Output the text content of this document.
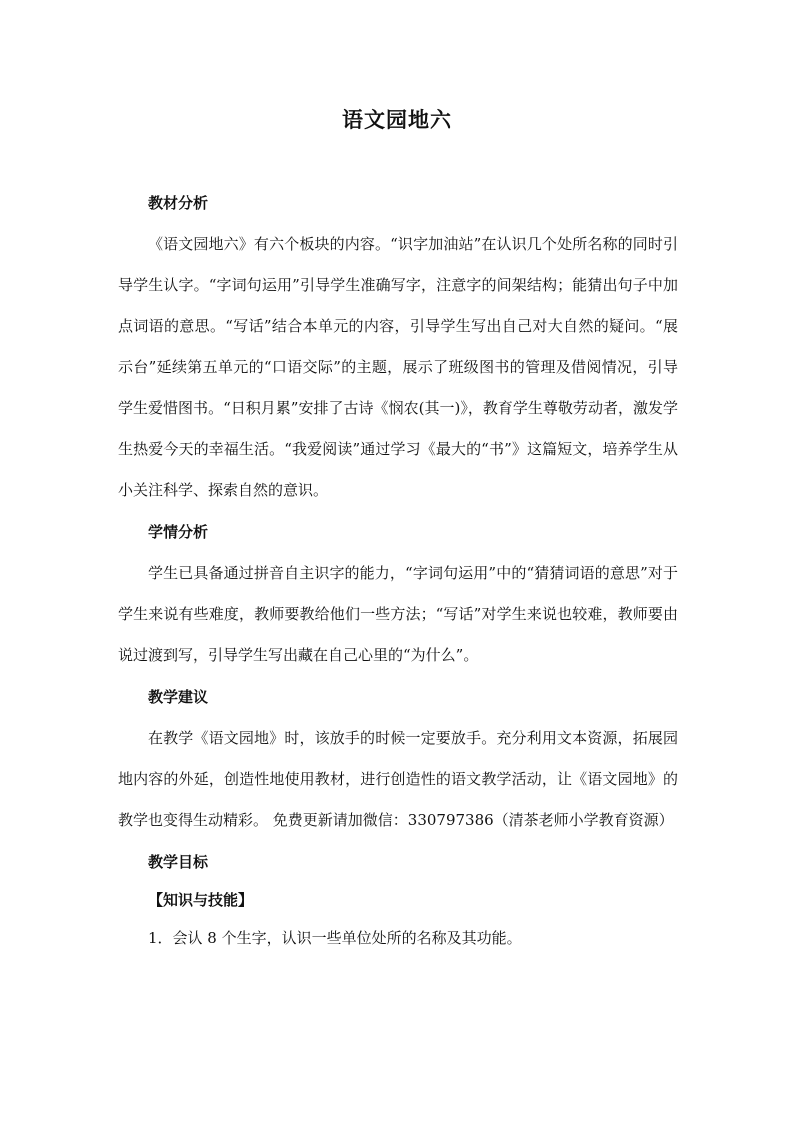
语文园地六
教材分析

《语文园地六》有六个板块的内容。“识字加油站”在认识几个处所名称的同时引导学生认字。“字词句运用”引导学生准确写字，注意字的间架结构；能猜出句子中加点词语的意思。“写话”结合本单元的内容，引导学生写出自己对大自然的疑问。“展示台”延续第五单元的“口语交际”的主题，展示了班级图书的管理及借阅情况，引导学生爱惜图书。“日积月累”安排了古诗《悯农(其一)》，教育学生尊敬劳动者，激发学生热爱今天的幸福生活。“我爱阅读”通过学习《最大的“书”》这篇短文，培养学生从小关注科学、探索自然的意识。

学情分析

学生已具备通过拼音自主识字的能力，“字词句运用”中的“猜猜词语的意思”对于学生来说有些难度，教师要教给他们一些方法；“写话”对学生来说也较难，教师要由说过渡到写，引导学生写出藏在自己心里的“为什么”。

教学建议

在教学《语文园地》时，该放手的时候一定要放手。充分利用文本资源，拓展园地内容的外延，创造性地使用教材，进行创造性的语文教学活动，让《语文园地》的教学也变得生动精彩。 免费更新请加微信：330797386（清茶老师小学教育资源）

教学目标
【知识与技能】

1．会认 8 个生字，认识一些单位处所的名称及其功能。
